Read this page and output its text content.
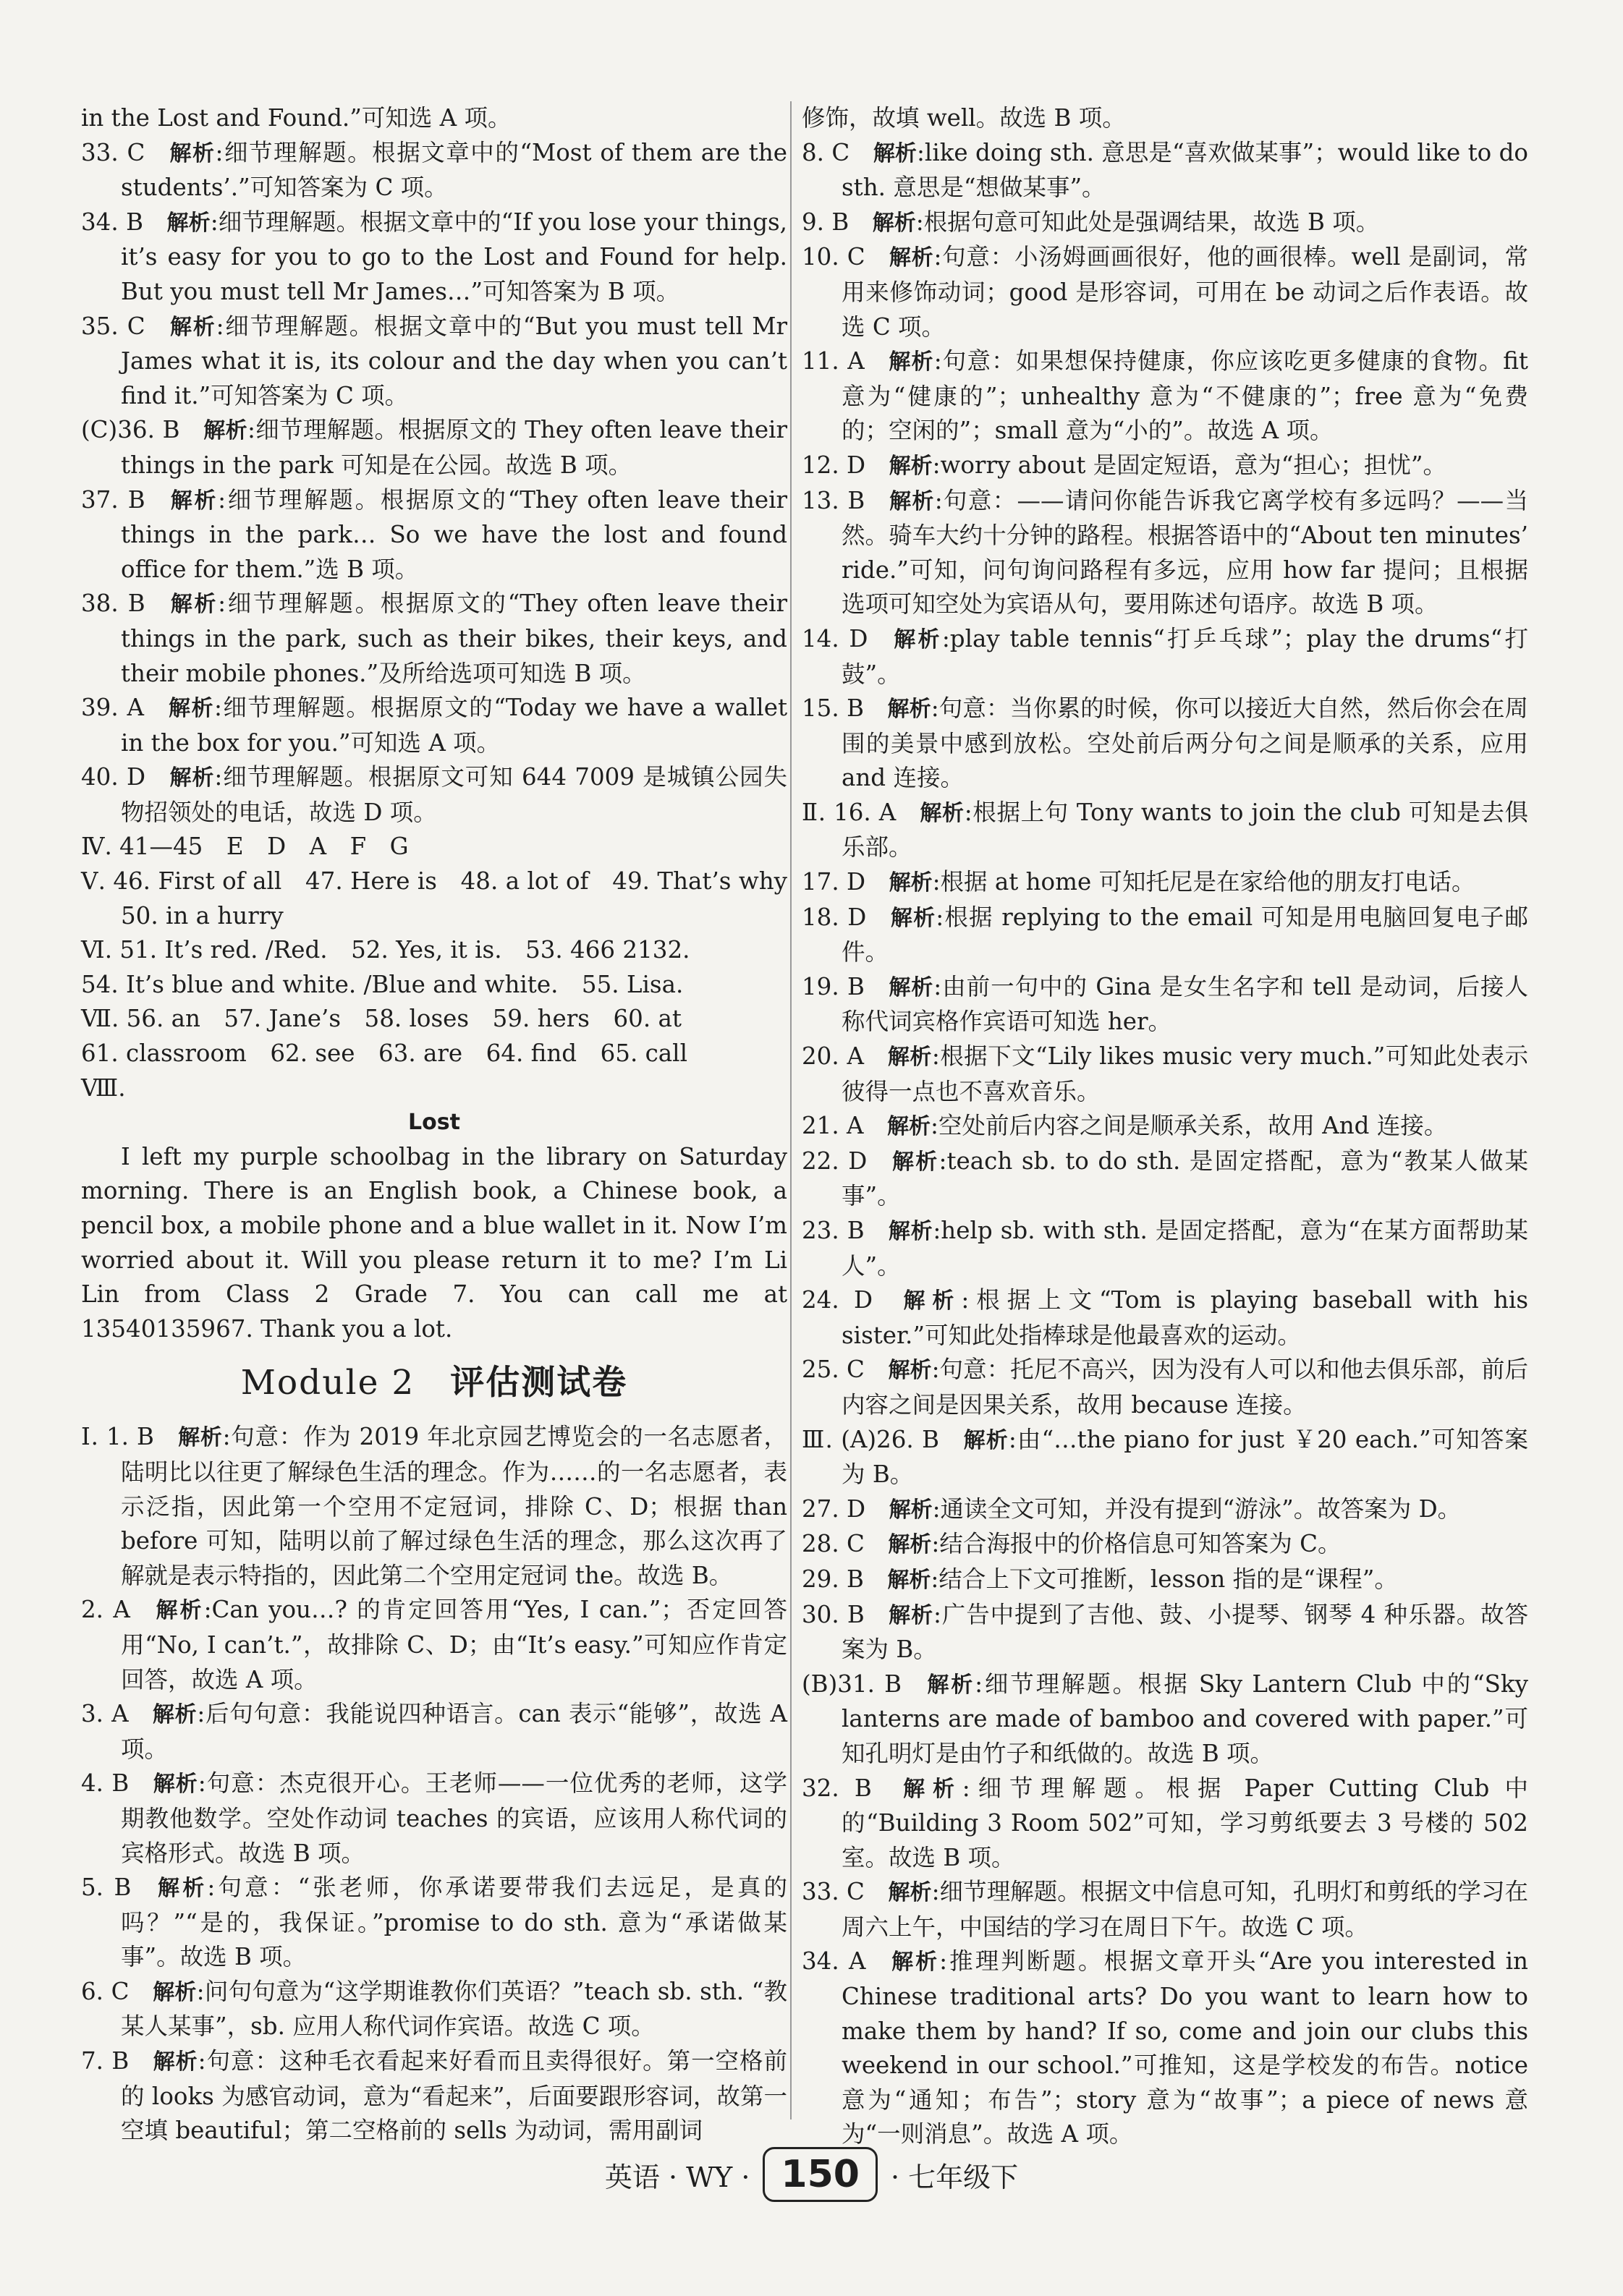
in the Lost and Found.”可知选 A 项。
33. C  解析:细节理解题。根据文章中的“Most of them are the students’.”可知答案为 C 项。
34. B  解析:细节理解题。根据文章中的“If you lose your things, it’s easy for you to go to the Lost and Found for help. But you must tell Mr James…”可知答案为 B 项。
35. C  解析:细节理解题。根据文章中的“But you must tell Mr James what it is, its colour and the day when you can’t find it.”可知答案为 C 项。
(C)36. B  解析:细节理解题。根据原文的 They often leave their things in the park 可知是在公园。故选 B 项。
37. B  解析:细节理解题。根据原文的“They often leave their things in the park… So we have the lost and found office for them.”选 B 项。
38. B  解析:细节理解题。根据原文的“They often leave their things in the park, such as their bikes, their keys, and their mobile phones.”及所给选项可知选 B 项。
39. A  解析:细节理解题。根据原文的“Today we have a wallet in the box for you.”可知选 A 项。
40. D  解析:细节理解题。根据原文可知 644 7009 是城镇公园失物招领处的电话，故选 D 项。
Ⅳ. 41—45　E　D　A　F　G
Ⅴ. 46. First of all　47. Here is　48. a lot of　49. That’s why 50. in a hurry
Ⅵ. 51. It’s red. /Red.　52. Yes, it is.　53. 466 2132.
54. It’s blue and white. /Blue and white.　55. Lisa.
Ⅶ. 56. an　57. Jane’s　58. loses　59. hers　60. at
61. classroom　62. see　63. are　64. find　65. call
Ⅷ.
Lost
I left my purple schoolbag in the library on Saturday morning. There is an English book, a Chinese book, a pencil box, a mobile phone and a blue wallet in it. Now I’m worried about it. Will you please return it to me? I’m Li Lin from Class 2 Grade 7. You can call me at 13540135967. Thank you a lot.
Module 2　 评估测试卷
Ⅰ. 1. B  解析:句意：作为 2019 年北京园艺博览会的一名志愿者，陆明比以往更了解绿色生活的理念。作为……的一名志愿者，表示泛指，因此第一个空用不定冠词，排除 C、D；根据 than before 可知，陆明以前了解过绿色生活的理念，那么这次再了解就是表示特指的，因此第二个空用定冠词 the。故选 B。
2. A  解析:Can you…? 的肯定回答用“Yes, I can.”；否定回答用“No, I can’t.”，故排除 C、D；由“It’s easy.”可知应作肯定回答，故选 A 项。
3. A  解析:后句句意：我能说四种语言。can 表示“能够”，故选 A 项。
4. B  解析:句意：杰克很开心。王老师——一位优秀的老师，这学期教他数学。空处作动词 teaches 的宾语，应该用人称代词的宾格形式。故选 B 项。
5. B  解析:句意：“张老师，你承诺要带我们去远足，是真的吗？”“是的，我保证。”promise to do sth. 意为“承诺做某事”。故选 B 项。
6. C  解析:问句句意为“这学期谁教你们英语？”teach sb. sth. “教某人某事”，sb. 应用人称代词作宾语。故选 C 项。
7. B  解析:句意：这种毛衣看起来好看而且卖得很好。第一空格前的 looks 为感官动词，意为“看起来”，后面要跟形容词，故第一空填 beautiful；第二空格前的 sells 为动词，需用副词
修饰，故填 well。故选 B 项。
8. C  解析:like doing sth. 意思是“喜欢做某事”；would like to do sth. 意思是“想做某事”。
9. B  解析:根据句意可知此处是强调结果，故选 B 项。
10. C  解析:句意：小汤姆画画很好，他的画很棒。well 是副词，常用来修饰动词；good 是形容词，可用在 be 动词之后作表语。故选 C 项。
11. A  解析:句意：如果想保持健康，你应该吃更多健康的食物。fit 意为“健康的”；unhealthy 意为“不健康的”；free 意为“免费的；空闲的”；small 意为“小的”。故选 A 项。
12. D  解析:worry about 是固定短语，意为“担心；担忧”。
13. B  解析:句意：——请问你能告诉我它离学校有多远吗？——当然。骑车大约十分钟的路程。根据答语中的“About ten minutes’ ride.”可知，问句询问路程有多远，应用 how far 提问；且根据选项可知空处为宾语从句，要用陈述句语序。故选 B 项。
14. D  解析:play table tennis“打乒乓球”；play the drums“打鼓”。
15. B  解析:句意：当你累的时候，你可以接近大自然，然后你会在周围的美景中感到放松。空处前后两分句之间是顺承的关系，应用 and 连接。
Ⅱ. 16. A  解析:根据上句 Tony wants to join the club 可知是去俱乐部。
17. D  解析:根据 at home 可知托尼是在家给他的朋友打电话。
18. D  解析:根据 replying to the email 可知是用电脑回复电子邮件。
19. B  解析:由前一句中的 Gina 是女生名字和 tell 是动词，后接人称代词宾格作宾语可知选 her。
20. A  解析:根据下文“Lily likes music very much.”可知此处表示彼得一点也不喜欢音乐。
21. A  解析:空处前后内容之间是顺承关系，故用 And 连接。
22. D  解析:teach sb. to do sth. 是固定搭配，意为“教某人做某事”。
23. B  解析:help sb. with sth. 是固定搭配，意为“在某方面帮助某人”。
24. D  解析:根据上文“Tom is playing baseball with his sister.”可知此处指棒球是他最喜欢的运动。
25. C  解析:句意：托尼不高兴，因为没有人可以和他去俱乐部，前后内容之间是因果关系，故用 because 连接。
Ⅲ. (A)26. B  解析:由“…the piano for just ￥20 each.”可知答案为 B。
27. D  解析:通读全文可知，并没有提到“游泳”。故答案为 D。
28. C  解析:结合海报中的价格信息可知答案为 C。
29. B  解析:结合上下文可推断，lesson 指的是“课程”。
30. B  解析:广告中提到了吉他、鼓、小提琴、钢琴 4 种乐器。故答案为 B。
(B)31. B  解析:细节理解题。根据 Sky Lantern Club 中的“Sky lanterns are made of bamboo and covered with paper.”可知孔明灯是由竹子和纸做的。故选 B 项。
32. B  解析:细节理解题。根据 Paper Cutting Club 中的“Building 3 Room 502”可知，学习剪纸要去 3 号楼的 502 室。故选 B 项。
33. C  解析:细节理解题。根据文中信息可知，孔明灯和剪纸的学习在周六上午，中国结的学习在周日下午。故选 C 项。
34. A  解析:推理判断题。根据文章开头“Are you interested in Chinese traditional arts? Do you want to learn how to make them by hand? If so, come and join our clubs this weekend in our school.”可推知，这是学校发的布告。notice 意为“通知；布告”；story 意为“故事”；a piece of news 意为“一则消息”。故选 A 项。
英语 · WY · 150	· 七年级下
